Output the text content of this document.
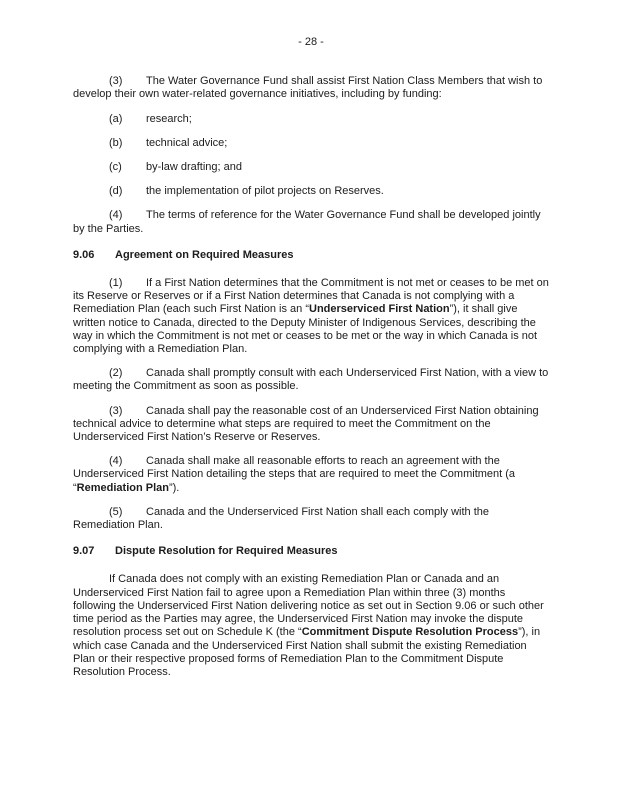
- 28 -

(3) The Water Governance Fund shall assist First Nation Class Members that wish to develop their own water-related governance initiatives, including by funding:

(a) research;

(b) technical advice;

(c) by-law drafting; and

(d) the implementation of pilot projects on Reserves.

(4) The terms of reference for the Water Governance Fund shall be developed jointly by the Parties.

9.06 Agreement on Required Measures

(1) If a First Nation determines that the Commitment is not met or ceases to be met on its Reserve or Reserves or if a First Nation determines that Canada is not complying with a Remediation Plan (each such First Nation is an “Underserviced First Nation”), it shall give written notice to Canada, directed to the Deputy Minister of Indigenous Services, describing the way in which the Commitment is not met or ceases to be met or the way in which Canada is not complying with a Remediation Plan.

(2) Canada shall promptly consult with each Underserviced First Nation, with a view to meeting the Commitment as soon as possible.

(3) Canada shall pay the reasonable cost of an Underserviced First Nation obtaining technical advice to determine what steps are required to meet the Commitment on the Underserviced First Nation’s Reserve or Reserves.

(4) Canada shall make all reasonable efforts to reach an agreement with the Underserviced First Nation detailing the steps that are required to meet the Commitment (a “Remediation Plan”).

(5) Canada and the Underserviced First Nation shall each comply with the Remediation Plan.

9.07 Dispute Resolution for Required Measures

If Canada does not comply with an existing Remediation Plan or Canada and an Underserviced First Nation fail to agree upon a Remediation Plan within three (3) months following the Underserviced First Nation delivering notice as set out in Section 9.06 or such other time period as the Parties may agree, the Underserviced First Nation may invoke the dispute resolution process set out on Schedule K (the “Commitment Dispute Resolution Process”), in which case Canada and the Underserviced First Nation shall submit the existing Remediation Plan or their respective proposed forms of Remediation Plan to the Commitment Dispute Resolution Process.
